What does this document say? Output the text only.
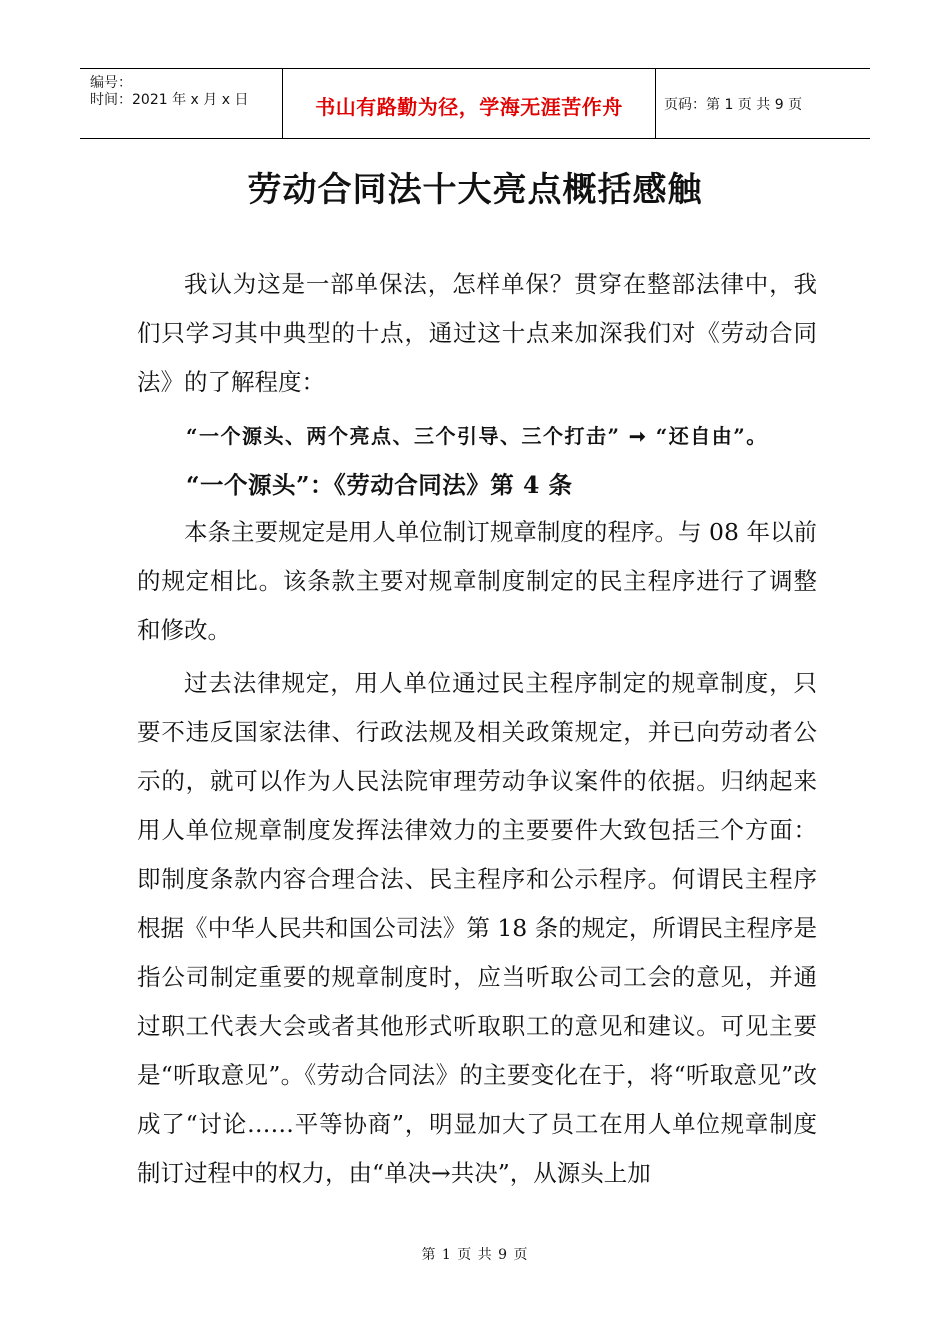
编号：
时间：2021 年 x 月 x 日	书山有路勤为径，学海无涯苦作舟	页码：第 1 页 共 9 页
劳动合同法十大亮点概括感触

我认为这是一部单保法，怎样单保？贯穿在整部法律中，我们只学习其中典型的十点，通过这十点来加深我们对《劳动合同法》的了解程度：

“一个源头、两个亮点、三个引导、三个打击” ➞ “还自由”。

“一个源头”：《劳动合同法》第 4 条

本条主要规定是用人单位制订规章制度的程序。与 08 年以前的规定相比。该条款主要对规章制度制定的民主程序进行了调整和修改。

过去法律规定，用人单位通过民主程序制定的规章制度，只要不违反国家法律、行政法规及相关政策规定，并已向劳动者公示的，就可以作为人民法院审理劳动争议案件的依据。归纳起来用人单位规章制度发挥法律效力的主要要件大致包括三个方面：即制度条款内容合理合法、民主程序和公示程序。何谓民主程序根据《中华人民共和国公司法》第 18 条的规定，所谓民主程序是指公司制定重要的规章制度时，应当听取公司工会的意见，并通过职工代表大会或者其他形式听取职工的意见和建议。可见主要是“听取意见”。《劳动合同法》的主要变化在于，将“听取意见”改成了“讨论……平等协商”，明显加大了员工在用人单位规章制度制订过程中的权力，由“单决→共决”，从源头上加

第 1 页 共 9 页
